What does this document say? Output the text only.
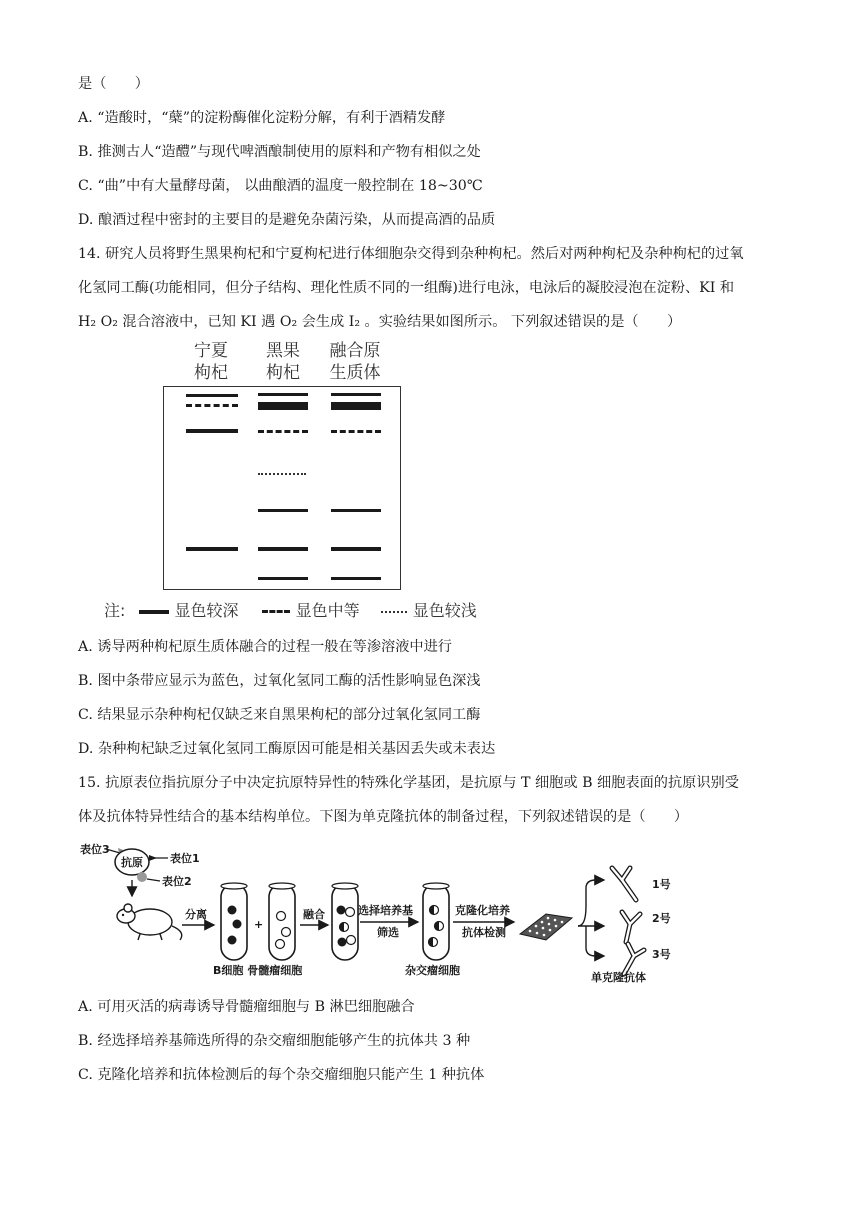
是（　　）
A. “造酸时，“蘖”的淀粉酶催化淀粉分解，有利于酒精发酵
B. 推测古人“造醴”与现代啤酒酿制使用的原料和产物有相似之处
C. “曲”中有大量酵母菌， 以曲酿酒的温度一般控制在 18~30℃
D. 酿酒过程中密封的主要目的是避免杂菌污染，从而提高酒的品质
14. 研究人员将野生黑果枸杞和宁夏枸杞进行体细胞杂交得到杂种枸杞。然后对两种枸杞及杂种枸杞的过氧
化氢同工酶(功能相同，但分子结构、理化性质不同的一组酶)进行电泳，电泳后的凝胶浸泡在淀粉、KI 和
H₂ O₂ 混合溶液中，已知 KI 遇 O₂ 会生成 I₂ 。实验结果如图所示。 下列叙述错误的是（　　）
宁夏
枸杞
黑果
枸杞
融合原
生质体
注:	显色较深	显色中等	显色较浅
A. 诱导两种枸杞原生质体融合的过程一般在等渗溶液中进行
B. 图中条带应显示为蓝色，过氧化氢同工酶的活性影响显色深浅
C. 结果显示杂种枸杞仅缺乏来自黑果枸杞的部分过氧化氢同工酶
D. 杂种枸杞缺乏过氧化氢同工酶原因可能是相关基因丢失或未表达
15. 抗原表位指抗原分子中决定抗原特异性的特殊化学基团，是抗原与 T 细胞或 B 细胞表面的抗原识别受
体及抗体特异性结合的基本结构单位。下图为单克隆抗体的制备过程，下列叙述错误的是（　　）
表位3
抗原 表位1
表位2
分离
+
B细胞 骨髓瘤细胞
融合	选择培养基
筛选
杂交瘤细胞
克隆化培养
抗体检测
1号
2号
3号
单克隆抗体
A. 可用灭活的病毒诱导骨髓瘤细胞与 B 淋巴细胞融合
B. 经选择培养基筛选所得的杂交瘤细胞能够产生的抗体共 3 种
C. 克隆化培养和抗体检测后的每个杂交瘤细胞只能产生 1 种抗体
